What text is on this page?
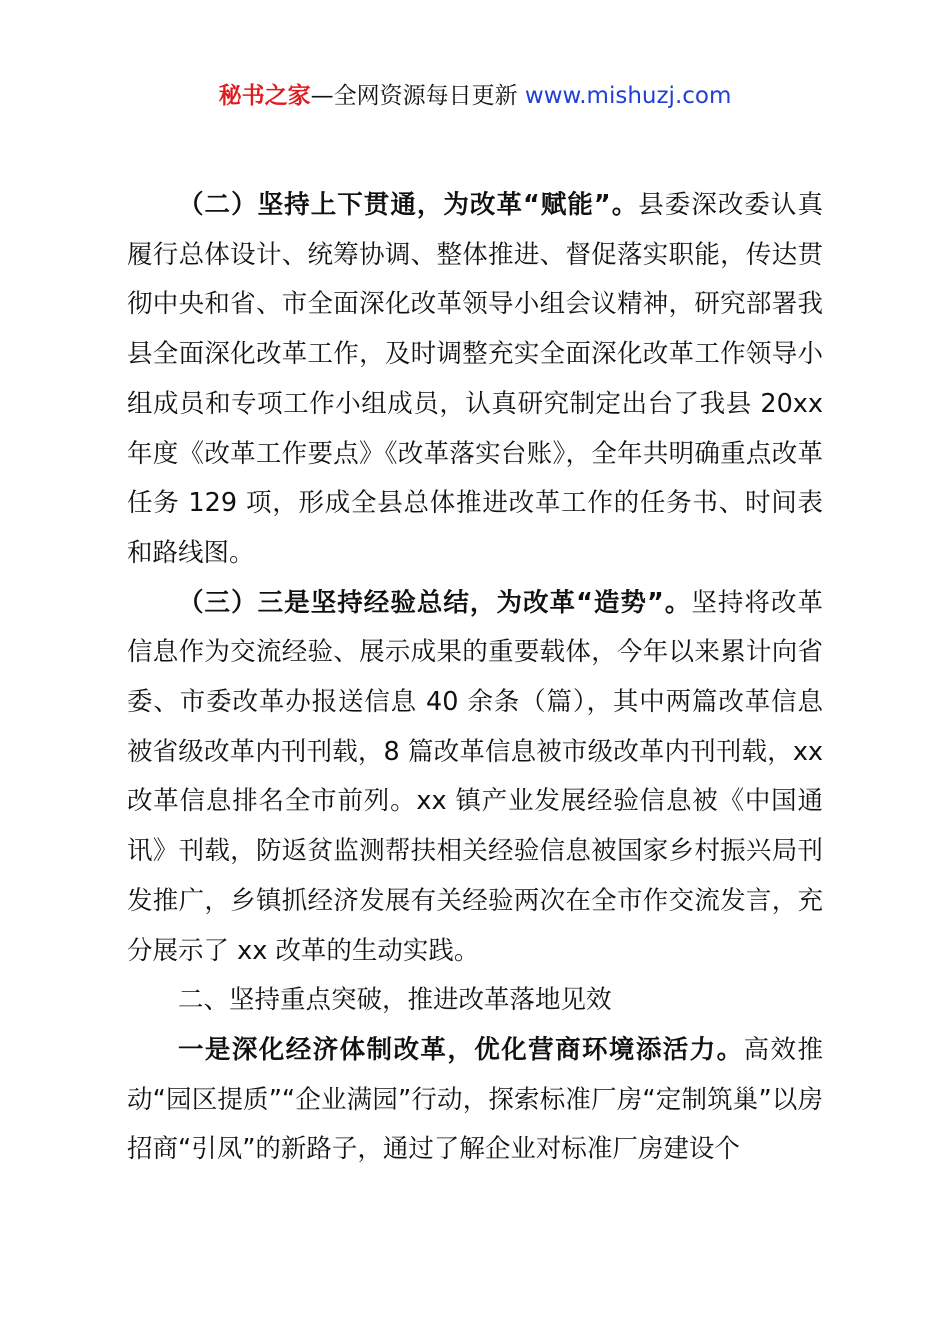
秘书之家—全网资源每日更新 www.mishuzj.com

（二）坚持上下贯通，为改革“赋能”。县委深改委认真履行总体设计、统筹协调、整体推进、督促落实职能，传达贯彻中央和省、市全面深化改革领导小组会议精神，研究部署我县全面深化改革工作，及时调整充实全面深化改革工作领导小组成员和专项工作小组成员，认真研究制定出台了我县 20xx 年度《改革工作要点》《改革落实台账》，全年共明确重点改革任务 129 项，形成全县总体推进改革工作的任务书、时间表和路线图。

（三）三是坚持经验总结，为改革“造势”。坚持将改革信息作为交流经验、展示成果的重要载体，今年以来累计向省委、市委改革办报送信息 40 余条（篇），其中两篇改革信息被省级改革内刊刊载，8 篇改革信息被市级改革内刊刊载，xx 改革信息排名全市前列。xx 镇产业发展经验信息被《中国通讯》刊载，防返贫监测帮扶相关经验信息被国家乡村振兴局刊发推广，乡镇抓经济发展有关经验两次在全市作交流发言，充分展示了 xx 改革的生动实践。

二、坚持重点突破，推进改革落地见效

一是深化经济体制改革，优化营商环境添活力。高效推动“园区提质”“企业满园”行动，探索标准厂房“定制筑巢”以房招商“引凤”的新路子，通过了解企业对标准厂房建设个
